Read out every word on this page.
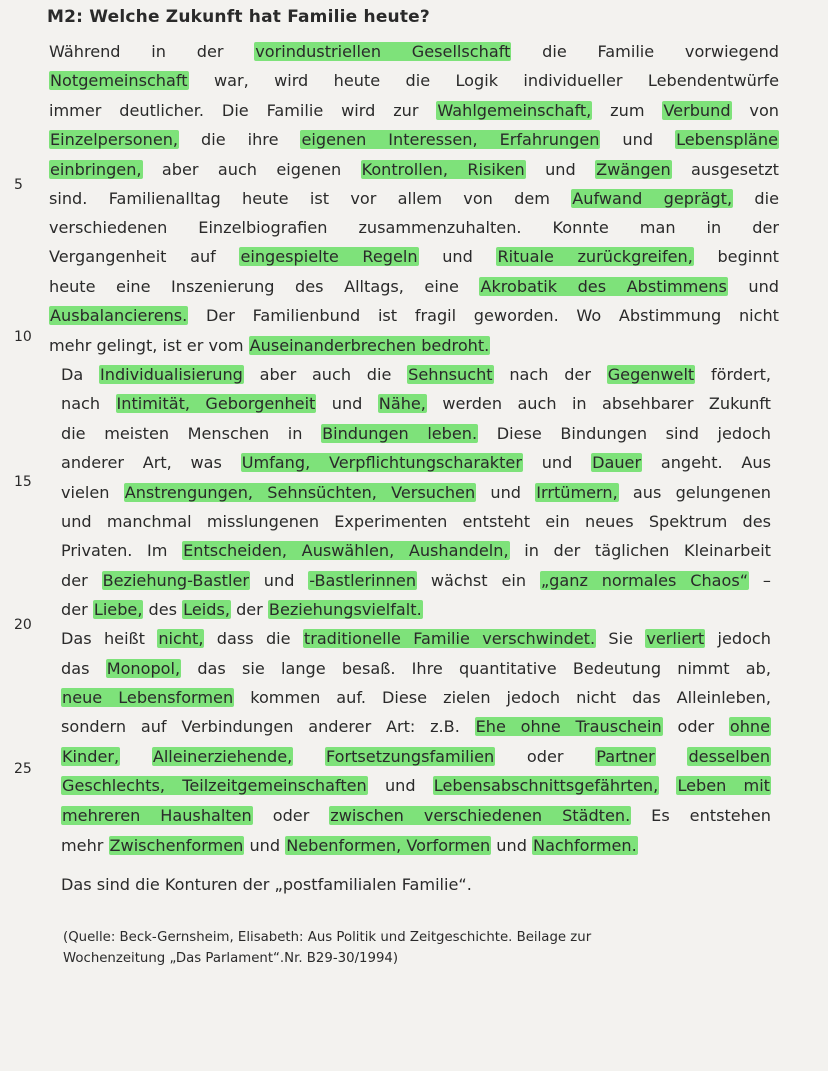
M2: Welche Zukunft hat Familie heute?
Während in der vorindustriellen Gesellschaft die Familie vorwiegend
Notgemeinschaft war, wird heute die Logik individueller Lebendentwürfe
immer deutlicher. Die Familie wird zur Wahlgemeinschaft, zum Verbund von
Einzelpersonen, die ihre eigenen Interessen, Erfahrungen und Lebenspläne
einbringen, aber auch eigenen Kontrollen, Risiken und Zwängen ausgesetzt
sind. Familienalltag heute ist vor allem von dem Aufwand geprägt, die
verschiedenen Einzelbiografien zusammenzuhalten. Konnte man in der
Vergangenheit auf eingespielte Regeln und Rituale zurückgreifen, beginnt
heute eine Inszenierung des Alltags, eine Akrobatik des Abstimmens und
Ausbalancierens. Der Familienbund ist fragil geworden. Wo Abstimmung nicht
mehr gelingt, ist er vom Auseinanderbrechen bedroht.
Da Individualisierung aber auch die Sehnsucht nach der Gegenwelt fördert,
nach Intimität, Geborgenheit und Nähe, werden auch in absehbarer Zukunft
die meisten Menschen in Bindungen leben. Diese Bindungen sind jedoch
anderer Art, was Umfang, Verpflichtungscharakter und Dauer angeht. Aus
vielen Anstrengungen, Sehnsüchten, Versuchen und Irrtümern, aus gelungenen
und manchmal misslungenen Experimenten entsteht ein neues Spektrum des
Privaten. Im Entscheiden, Auswählen, Aushandeln, in der täglichen Kleinarbeit
der Beziehung-Bastler und -Bastlerinnen wächst ein „ganz normales Chaos“ –
der Liebe, des Leids, der Beziehungsvielfalt.
Das heißt nicht, dass die traditionelle Familie verschwindet. Sie verliert jedoch
das Monopol, das sie lange besaß. Ihre quantitative Bedeutung nimmt ab,
neue Lebensformen kommen auf. Diese zielen jedoch nicht das Alleinleben,
sondern auf Verbindungen anderer Art: z.B. Ehe ohne Trauschein oder ohne
Kinder, Alleinerziehende, Fortsetzungsfamilien oder Partner desselben
Geschlechts, Teilzeitgemeinschaften und Lebensabschnittsgefährten, Leben mit
mehreren Haushalten oder zwischen verschiedenen Städten. Es entstehen
mehr Zwischenformen und Nebenformen, Vorformen und Nachformen.
Das sind die Konturen der „postfamilialen Familie“.
5
10
15
20
25
(Quelle: Beck-Gernsheim, Elisabeth: Aus Politik und Zeitgeschichte. Beilage zur
Wochenzeitung „Das Parlament“.Nr. B29-30/1994)
